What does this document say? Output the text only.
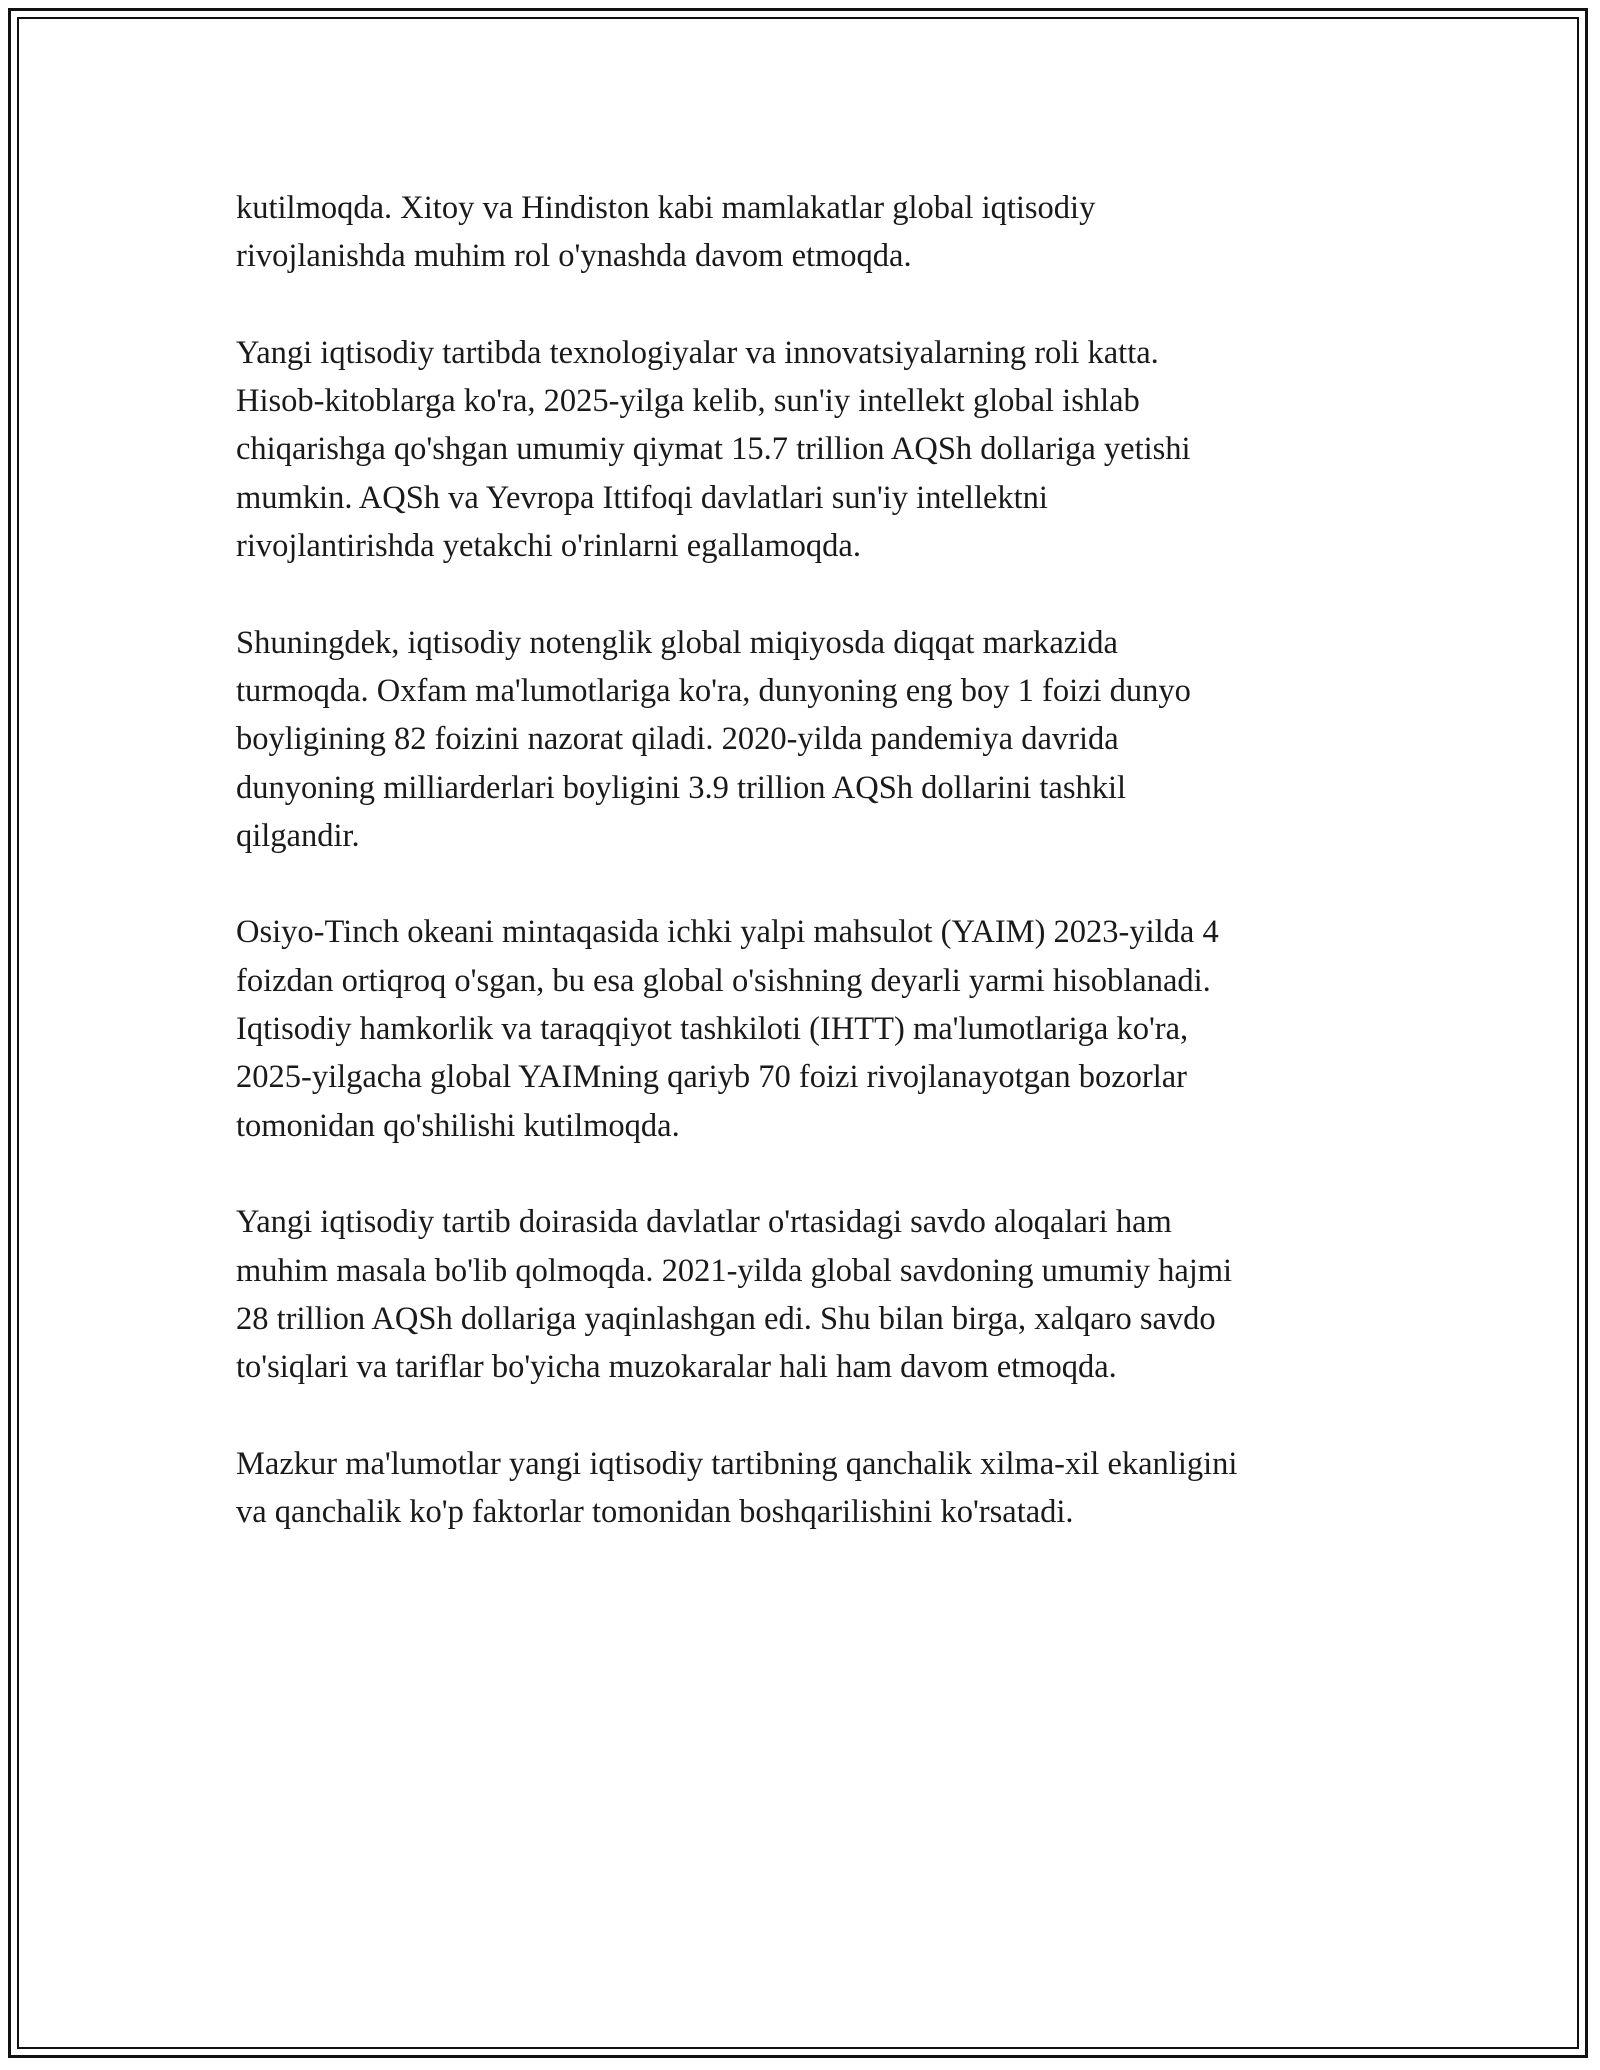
kutilmoqda. Xitoy va Hindiston kabi mamlakatlar global iqtisodiy
rivojlanishda muhim rol o'ynashda davom etmoqda.

Yangi iqtisodiy tartibda texnologiyalar va innovatsiyalarning roli katta.
Hisob-kitoblarga ko'ra, 2025-yilga kelib, sun'iy intellekt global ishlab
chiqarishga qo'shgan umumiy qiymat 15.7 trillion AQSh dollariga yetishi
mumkin. AQSh va Yevropa Ittifoqi davlatlari sun'iy intellektni
rivojlantirishda yetakchi o'rinlarni egallamoqda.

Shuningdek, iqtisodiy notenglik global miqiyosda diqqat markazida
turmoqda. Oxfam ma'lumotlariga ko'ra, dunyoning eng boy 1 foizi dunyo
boyligining 82 foizini nazorat qiladi. 2020-yilda pandemiya davrida
dunyoning milliarderlari boyligini 3.9 trillion AQSh dollarini tashkil
qilgandir.

Osiyo-Tinch okeani mintaqasida ichki yalpi mahsulot (YAIM) 2023-yilda 4
foizdan ortiqroq o'sgan, bu esa global o'sishning deyarli yarmi hisoblanadi.
Iqtisodiy hamkorlik va taraqqiyot tashkiloti (IHTT) ma'lumotlariga ko'ra,
2025-yilgacha global YAIMning qariyb 70 foizi rivojlanayotgan bozorlar
tomonidan qo'shilishi kutilmoqda.

Yangi iqtisodiy tartib doirasida davlatlar o'rtasidagi savdo aloqalari ham
muhim masala bo'lib qolmoqda. 2021-yilda global savdoning umumiy hajmi
28 trillion AQSh dollariga yaqinlashgan edi. Shu bilan birga, xalqaro savdo
to'siqlari va tariflar bo'yicha muzokaralar hali ham davom etmoqda.

Mazkur ma'lumotlar yangi iqtisodiy tartibning qanchalik xilma-xil ekanligini
va qanchalik ko'p faktorlar tomonidan boshqarilishini ko'rsatadi.
